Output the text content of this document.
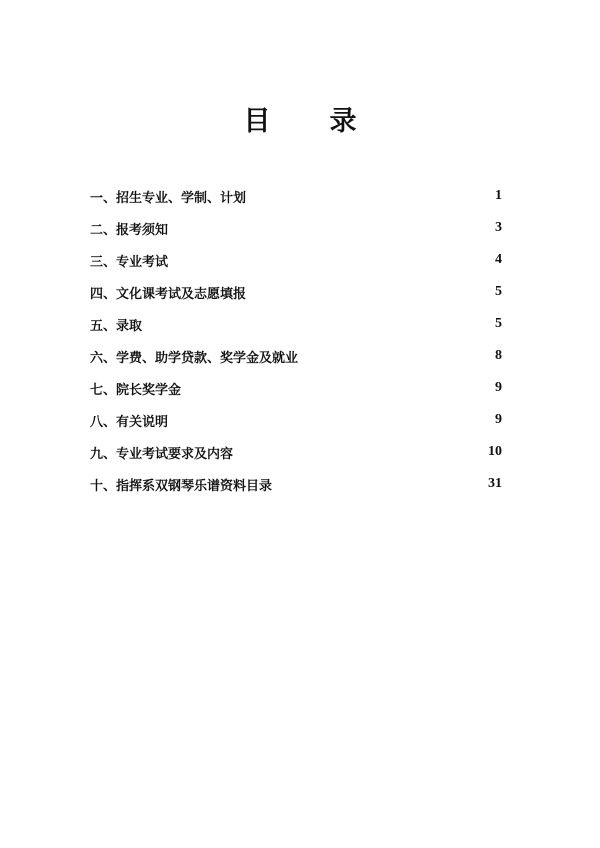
目　录
一、招生专业、学制、计划	1
二、报考须知	3
三、专业考试	4
四、文化课考试及志愿填报	5
五、录取	5
六、学费、助学贷款、奖学金及就业	8
七、院长奖学金	9
八、有关说明	9
九、专业考试要求及内容	10
十、指挥系双钢琴乐谱资料目录	31
